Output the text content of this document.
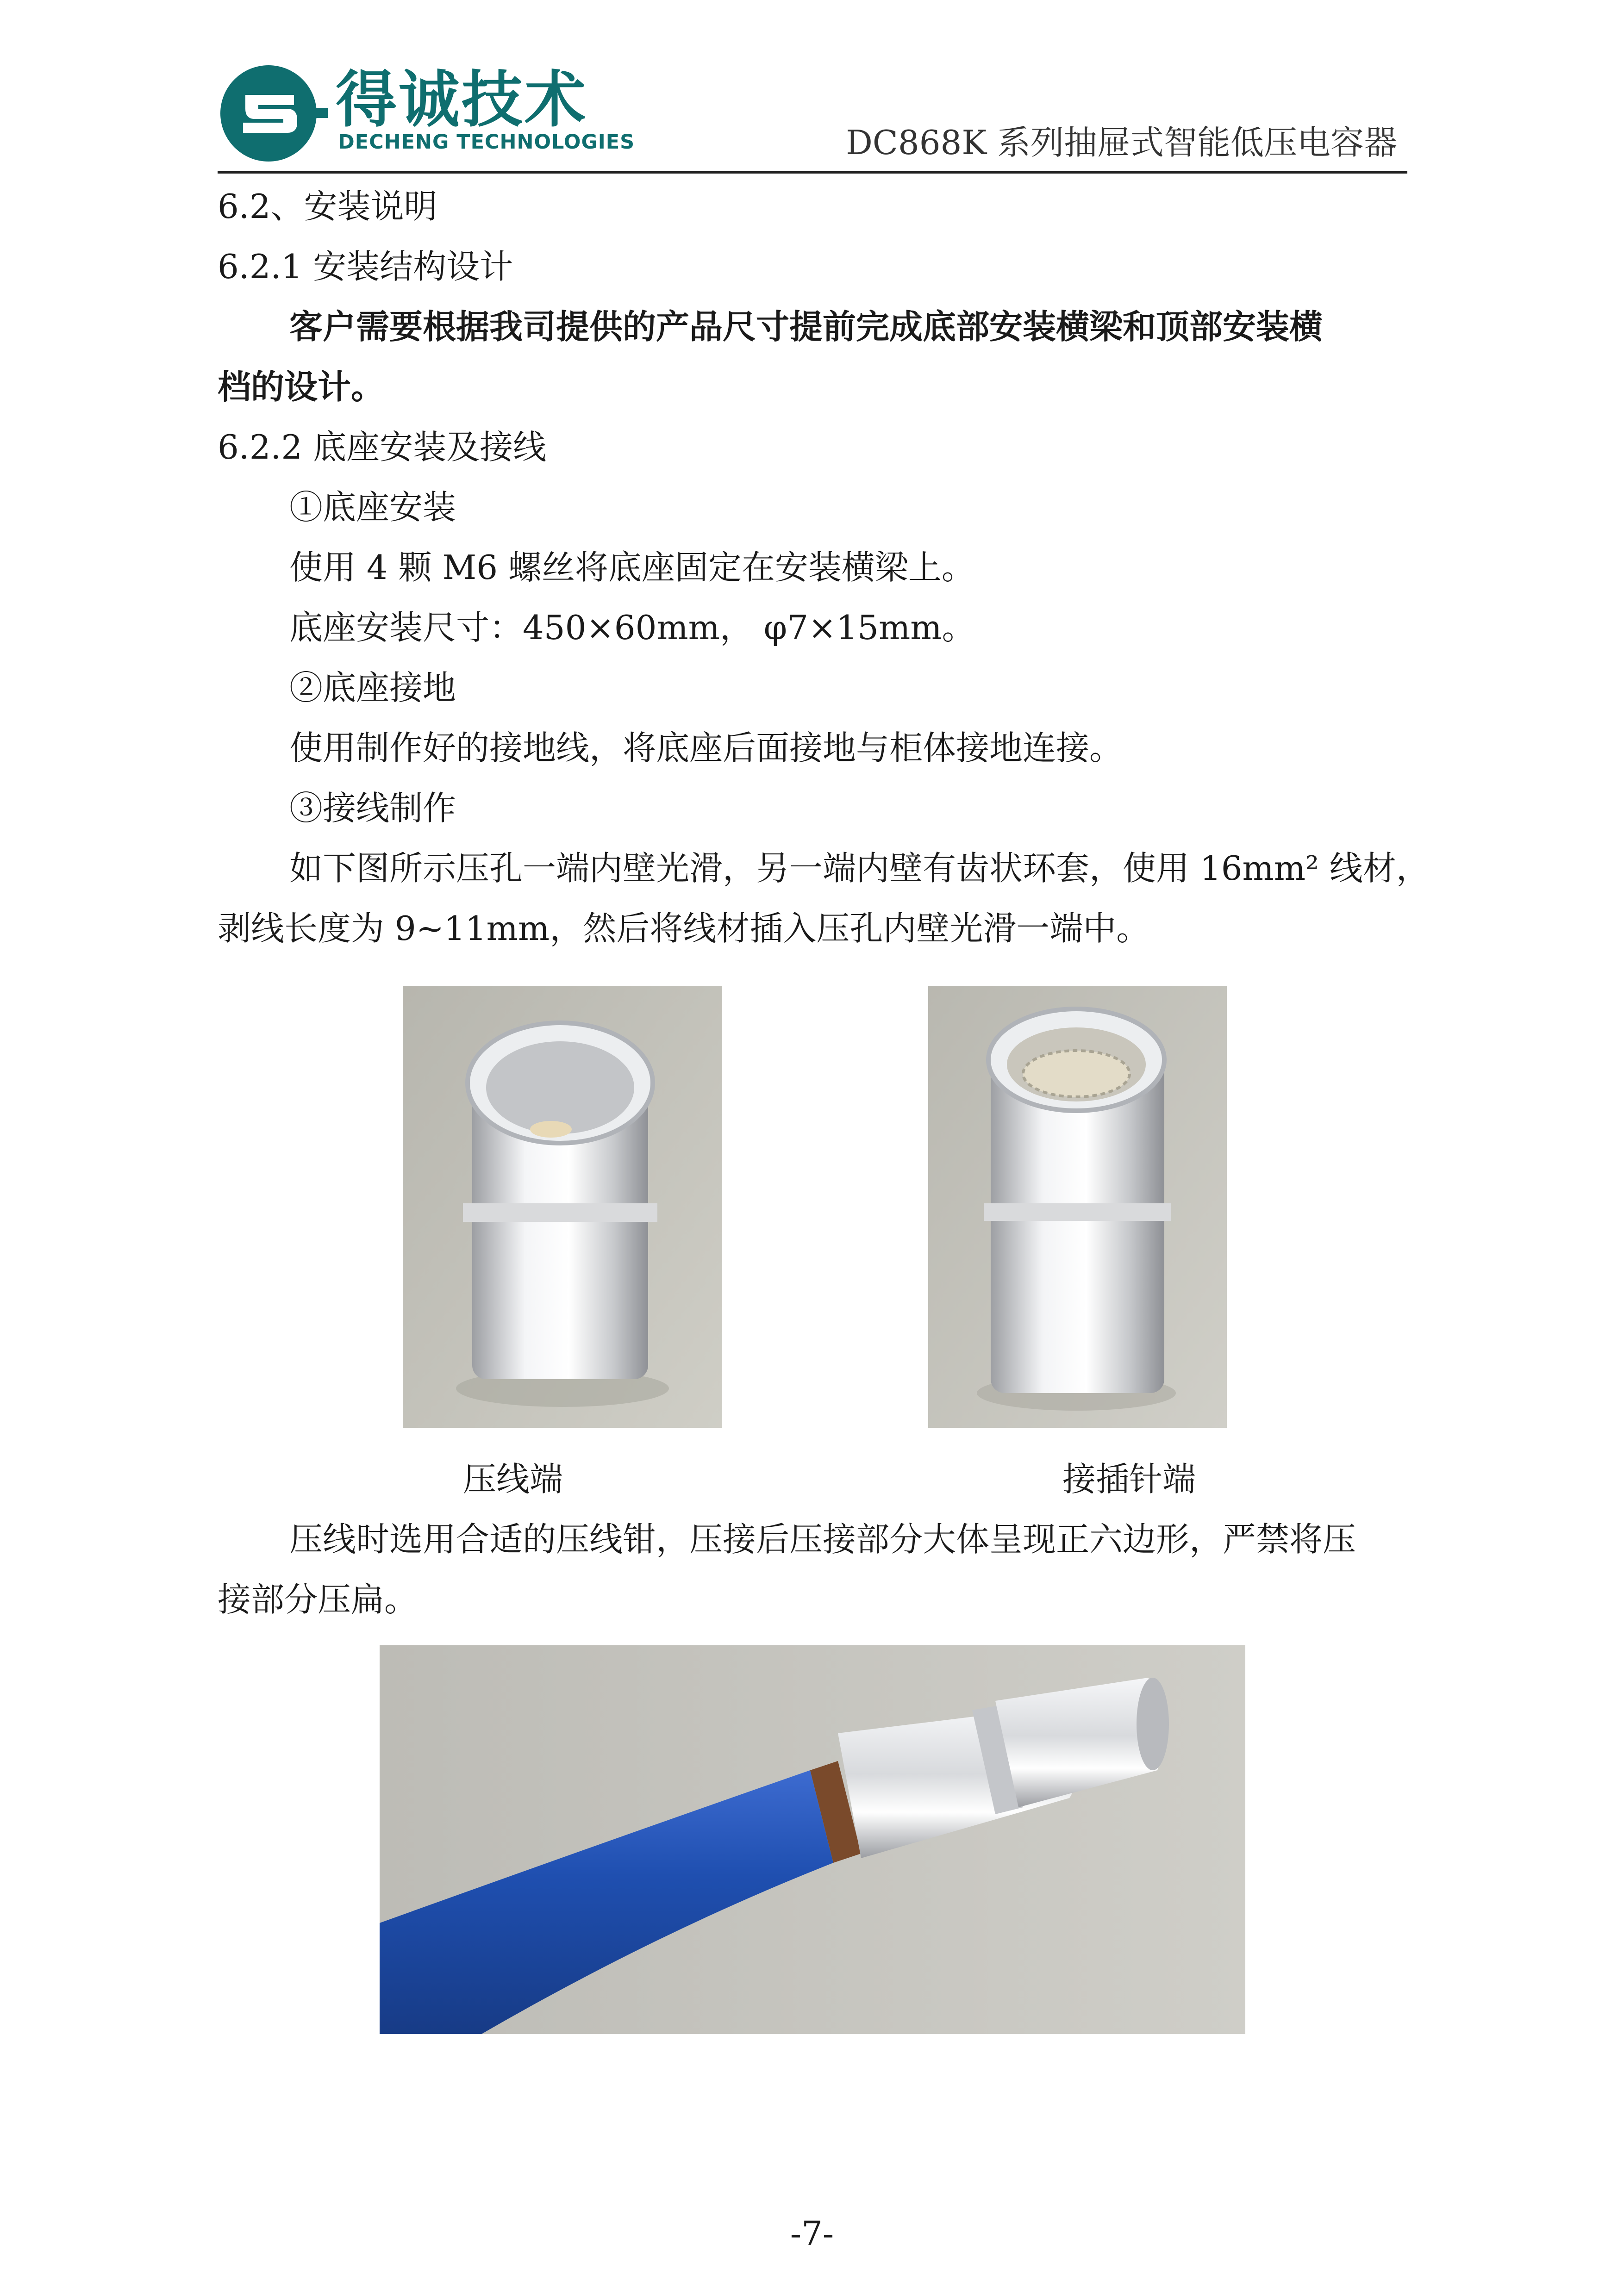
得诚技术
DECHENG TECHNOLOGIES	DC868K 系列抽屉式智能低压电容器
6.2、安装说明
6.2.1 安装结构设计
客户需要根据我司提供的产品尺寸提前完成底部安装横梁和顶部安装横
档的设计。
6.2.2 底座安装及接线
①底座安装
使用 4 颗 M6 螺丝将底座固定在安装横梁上。
底座安装尺寸：450×60mm， φ7×15mm。
②底座接地
使用制作好的接地线，将底座后面接地与柜体接地连接。
③接线制作
如下图所示压孔一端内壁光滑，另一端内壁有齿状环套，使用 16mm² 线材，
剥线长度为 9~11mm，然后将线材插入压孔内壁光滑一端中。
压线端	接插针端
压线时选用合适的压线钳，压接后压接部分大体呈现正六边形，严禁将压
接部分压扁。
-7-
